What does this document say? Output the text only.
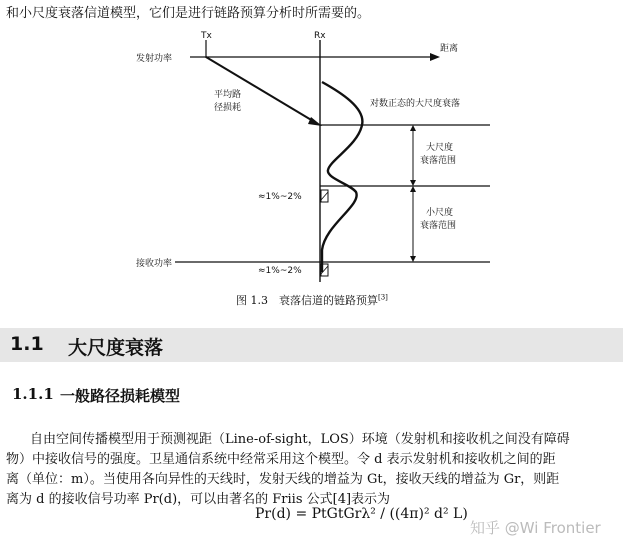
和小尺度衰落信道模型，它们是进行链路预算分析时所需要的。
Tx	Rx
距离
发射功率
平均路
径损耗	对数正态的大尺度衰落
大尺度
衰落范围
小尺度
衰落范围
≈1%~2%
≈1%~2%
接收功率
图 1.3　衰落信道的链路预算[3]
1.1 大尺度衰落
1.1.1 一般路径损耗模型
自由空间传播模型用于预测视距（Line-of-sight，LOS）环境（发射机和接收机之间没有障碍
物）中接收信号的强度。卫星通信系统中经常采用这个模型。令 d 表示发射机和接收机之间的距
离（单位：m）。当使用各向异性的天线时，发射天线的增益为 Gt，接收天线的增益为 Gr，则距
离为 d 的接收信号功率 Pr(d)，可以由著名的 Friis 公式[4]表示为
Pr(d) = PtGtGrλ² / ((4π)² d² L)
知乎 @Wi Frontier
